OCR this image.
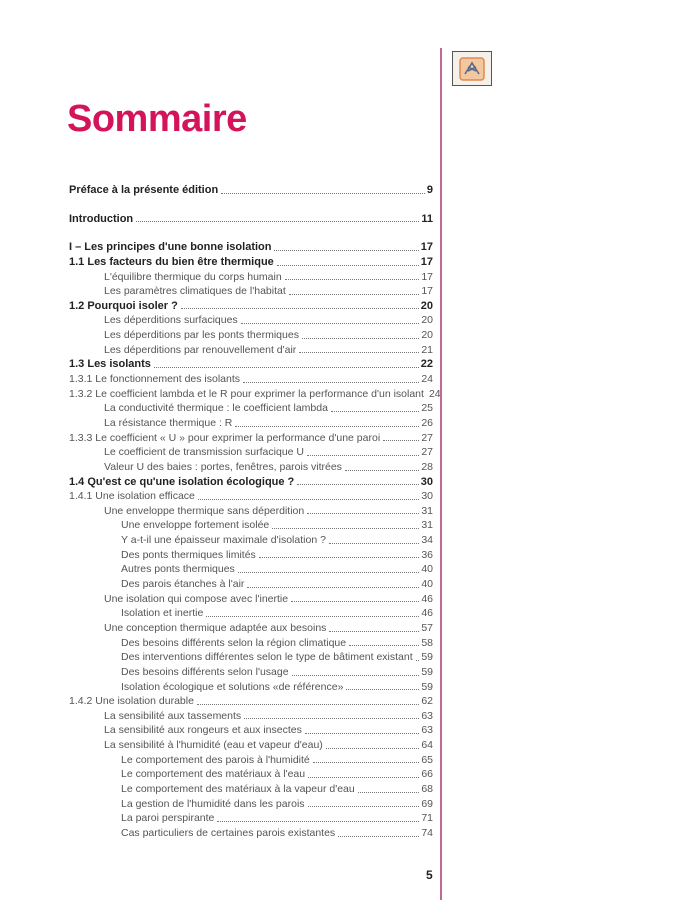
Sommaire
Préface à la présente édition	9
Introduction	11
I – Les principes d'une bonne isolation	17
1.1 Les facteurs du bien être thermique	17
L'équilibre thermique du corps humain	17
Les paramètres climatiques de l'habitat	17
1.2 Pourquoi isoler ?	20
Les déperditions surfaciques	20
Les déperditions par les ponts thermiques	20
Les déperditions par renouvellement d'air	21
1.3 Les isolants	22
1.3.1 Le fonctionnement des isolants	24
1.3.2 Le coefficient lambda et le R pour exprimer la performance d'un isolant 24
La conductivité thermique : le coefficient lambda	25
La résistance thermique : R	26
1.3.3 Le coefficient « U » pour exprimer la performance d'une paroi	27
Le coefficient de transmission surfacique U	27
Valeur U des baies : portes, fenêtres, parois vitrées	28
1.4 Qu'est ce qu'une isolation écologique ?	30
1.4.1 Une isolation efficace	30
Une enveloppe thermique sans déperdition	31
Une enveloppe fortement isolée	31
Y a-t-il une épaisseur maximale d'isolation ?	34
Des ponts thermiques limités	36
Autres ponts thermiques	40
Des parois étanches à l'air	40
Une isolation qui compose avec l'inertie	46
Isolation et inertie	46
Une conception thermique adaptée aux besoins	57
Des besoins différents selon la région climatique	58
Des interventions différentes selon le type de bâtiment existant 59
Des besoins différents selon l'usage	59
Isolation écologique et solutions «de référence»	59
1.4.2 Une isolation durable	62
La sensibilité aux tassements	63
La sensibilité aux rongeurs et aux insectes	63
La sensibilité à l'humidité (eau et vapeur d'eau)	64
Le comportement des parois à l'humidité	65
Le comportement des matériaux à l'eau	66
Le comportement des matériaux à la vapeur d'eau	68
La gestion de l'humidité dans les parois	69
La paroi perspirante	71
Cas particuliers de certaines parois existantes	74
5
